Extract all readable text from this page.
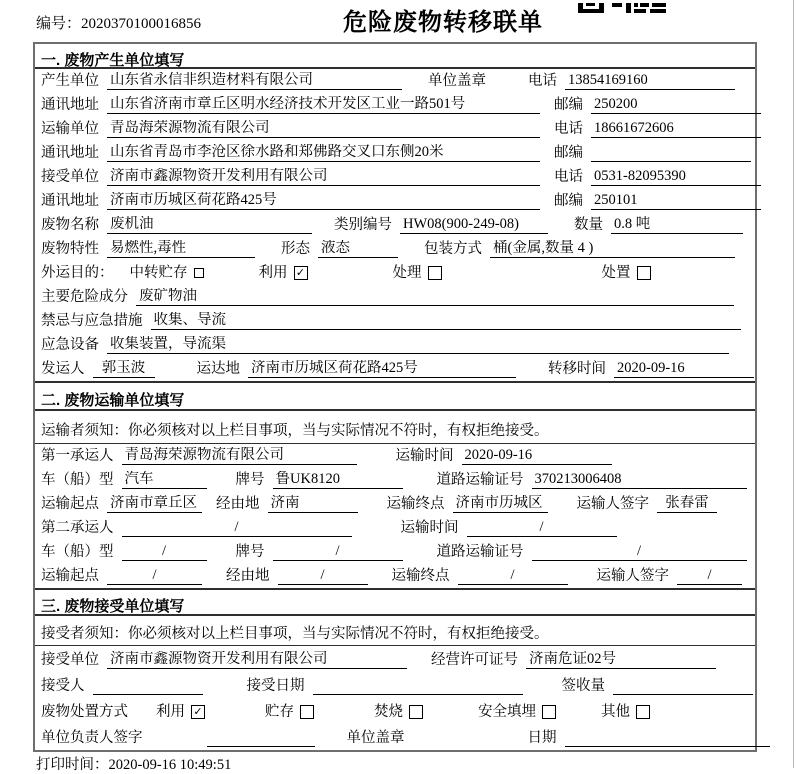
编号：2020370100016856	危险废物转移联单
一. 废物产生单位填写
产生单位 山东省永信非织造材料有限公司	单位盖章	电话 13854169160
通讯地址 山东省济南市章丘区明水经济技术开发区工业一路501号	邮编 250200
运输单位 青岛海荣源物流有限公司	电话 18661672606
通讯地址 山东省青岛市李沧区徐水路和郑佛路交叉口东侧20米	邮编
接受单位 济南市鑫源物资开发利用有限公司	电话 0531-82095390
通讯地址 济南市历城区荷花路425号	邮编 250101
废物名称 废机油	类别编号 HW08(900-249-08)	数量 0.8 吨
废物特性 易燃性,毒性	形态 液态	包装方式 桶(金属,数量 4 )
外运目的： 中转贮存	利用 ✓	处理	处置
主要危险成分 废矿物油
禁忌与应急措施 收集、导流
应急设备 收集装置，导流渠
发运人	郭玉波	运达地 济南市历城区荷花路425号	转移时间 2020-09-16
二. 废物运输单位填写
运输者须知：你必须核对以上栏目事项，当与实际情况不符时，有权拒绝接受。
第一承运人 青岛海荣源物流有限公司	运输时间 2020-09-16
车（船）型 汽车	牌号 鲁UK8120	道路运输证号 370213006408
运输起点 济南市章丘区	经由地 济南	运输终点 济南市历城区	运输人签字	张春雷
第二承运人	/	运输时间	/
车（船）型	/	牌号	/	道路运输证号	/
运输起点	/	经由地	/	运输终点	/	运输人签字	/
三. 废物接受单位填写
接受者须知：你必须核对以上栏目事项，当与实际情况不符时，有权拒绝接受。
接受单位 济南市鑫源物资开发利用有限公司	经营许可证号 济南危证02号
接受人	接受日期	签收量
废物处置方式 利用 ✓	贮存	焚烧	安全填埋	其他
单位负责人签字	单位盖章	日期
打印时间：2020-09-16 10:49:51
